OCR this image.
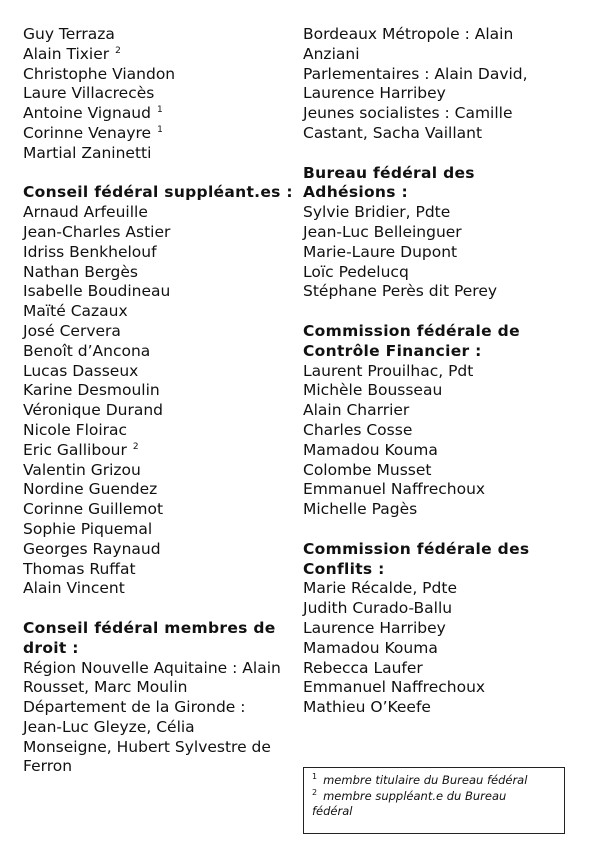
Guy Terraza
Alain Tixier $^2$
Christophe Viandon
Laure Villacrecès
Antoine Vignaud $^1$
Corinne Venayre $^1$
Martial Zaninetti
Conseil fédéral suppléant.es :
Arnaud Arfeuille
Jean-Charles Astier
Idriss Benkhelouf
Nathan Bergès
Isabelle Boudineau
Maïté Cazaux
José Cervera
Benoît d’Ancona
Lucas Dasseux
Karine Desmoulin
Véronique Durand
Nicole Floirac
Eric Gallibour $^2$
Valentin Grizou
Nordine Guendez
Corinne Guillemot
Sophie Piquemal
Georges Raynaud
Thomas Ruffat
Alain Vincent
Conseil fédéral membres de
droit :
Région Nouvelle Aquitaine : Alain
Rousset, Marc Moulin
Département de la Gironde :
Jean-Luc Gleyze, Célia
Monseigne, Hubert Sylvestre de
Ferron
Bordeaux Métropole : Alain
Anziani
Parlementaires : Alain David,
Laurence Harribey
Jeunes socialistes : Camille
Castant, Sacha Vaillant
Bureau fédéral des
Adhésions :
Sylvie Bridier, Pdte
Jean-Luc Belleinguer
Marie-Laure Dupont
Loïc Pedelucq
Stéphane Perès dit Perey
Commission fédérale de
Contrôle Financier :
Laurent Prouilhac, Pdt
Michèle Bousseau
Alain Charrier
Charles Cosse
Mamadou Kouma
Colombe Musset
Emmanuel Naffrechoux
Michelle Pagès
Commission fédérale des
Conflits :
Marie Récalde, Pdte
Judith Curado-Ballu
Laurence Harribey
Mamadou Kouma
Rebecca Laufer
Emmanuel Naffrechoux
Mathieu O’Keefe
$^1$ membre titulaire du Bureau fédéral
$^2$ membre suppléant.e du Bureau
fédéral
